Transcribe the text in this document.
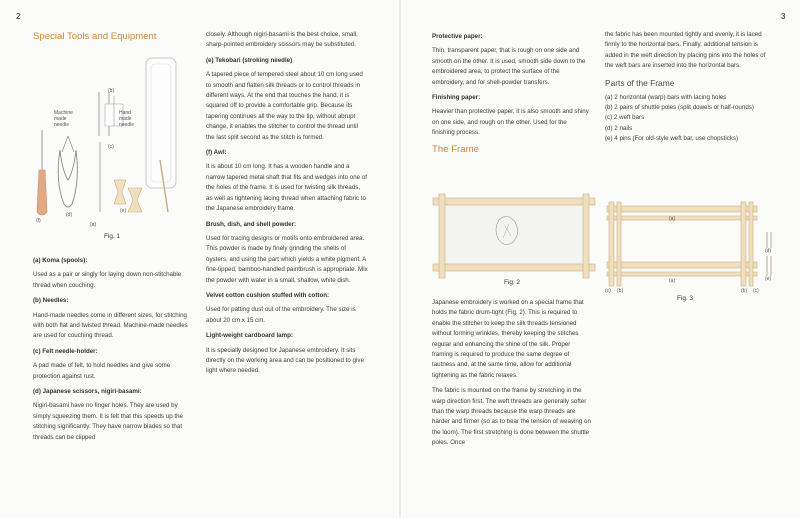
2
Special Tools and Equipment
(b)
Machine made needle
Hand made needle
(c)
(a)
(d)
(e)
(f)
Fig. 1
(a) Koma (spools):

Used as a pair or singly for laying down non-stitchable thread when couching.

(b) Needles:

Hand-made needles come in different sizes, for stitching with both flat and twisted thread. Machine-made needles are used for couching thread.

(c) Felt needle-holder:

A pad made of felt, to hold needles and give some protection against rust.

(d) Japanese scissors, nigiri-basami:

Nigiri-basami have no finger holes. They are used by simply squeezing them. It is felt that this speeds up the stitching significantly. They have narrow blades so that threads can be clipped

closely. Although nigiri-basami is the best choice, small, sharp-pointed embroidery scissors may be substituted.

(e) Tekobari (stroking needle)

A tapered piece of tempered steel about 10 cm long used to smooth and flatten silk threads or to control threads in different ways. At the end that touches the hand, it is squared off to provide a comfortable grip. Because its tapering continues all the way to the tip, without abrupt change, it enables the stitcher to control the thread until the last split second as the stitch is formed.

(f) Awl:

It is about 10 cm long. It has a wooden handle and a narrow tapered metal shaft that fits and wedges into one of the holes of the frame. It is used for twisting silk threads, as well as tightening lacing thread when attaching fabric to the Japanese embroidery frame.

Brush, dish, and shell powder:

Used for tracing designs or motifs onto embroidered area. This powder is made by finely grinding the shells of oysters, and using the part which yields a white pigment. A fine-tipped, bamboo-handled paintbrush is appropriate. Mix the powder with water in a small, shallow, white dish.

Velvet cotton cushion stuffed with cotton:

Used for patting dust out of the embroidery. The size is about 20 cm x 15 cm.

Light-weight cardboard lamp:

It is specially designed for Japanese embroidery. It sits directly on the working area and can be positioned to give light where needed.

3
Protective paper:

Thin, transparent paper, that is rough on one side and smooth on the other. It is used, smooth side down to the embroidered area, to protect the surface of the embroidery, and for shell-powder transfers.

Finishing paper:

Heavier than protective paper, it is also smooth and shiny on one side, and rough on the other. Used for the finishing process.

The Frame
Fig. 2

Japanese embroidery is worked on a special frame that holds the fabric drum-tight (Fig. 2). This is required to enable the stitcher to keep the silk threads tensioned without forming wrinkles, thereby keeping the stitches regular and enhancing the shine of the silk. Proper framing is required to produce the same degree of tautness and, at the same time, allow for additional tightening as the fabric relaxes.

The fabric is mounted on the frame by stretching in the warp direction first. The weft threads are generally softer than the warp threads because the warp threads are harder and firmer (so as to bear the tension of weaving on the loom). The first stretching is done between the shuttle poles. Once

the fabric has been mounted tightly and evenly, it is laced firmly to the horizontal bars. Finally, additional tension is added in the weft direction by placing pins into the holes of the weft bars are inserted into the horizontal bars.

Parts of the Frame
(a) 2 horizontal (warp) bars with lacing holes
(b) 2 pairs of shuttle poles (split dowels or half-rounds)
(c) 2 weft bars
(d) 2 nails
(e) 4 pins (For old-style weft bar, use chopsticks)
(a)
(a)
(c) (b)	(b) (c)
(d)
(e)
Fig. 3
